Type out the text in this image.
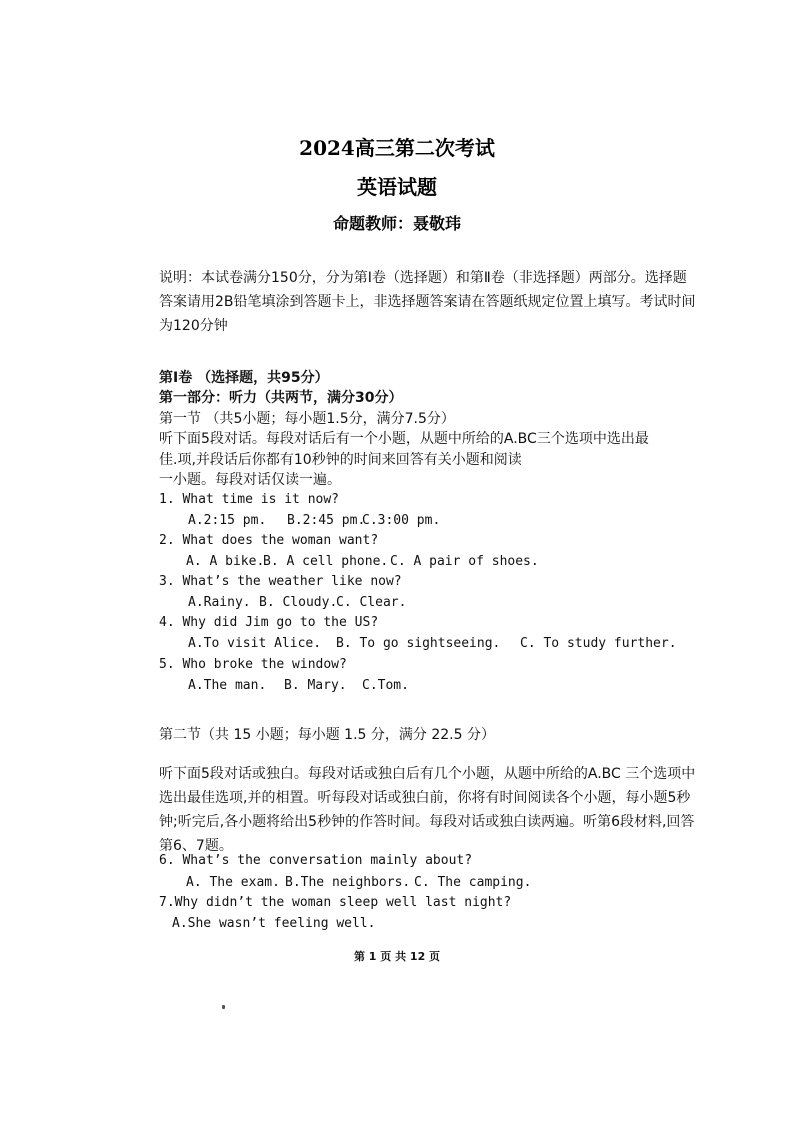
2024高三第二次考试
英语试题
命题教师：聂敬玮
说明：本试卷满分150分，分为第Ⅰ卷（选择题）和第Ⅱ卷（非选择题）两部分。选择题答案请用2B铅笔填涂到答题卡上，非选择题答案请在答题纸规定位置上填写。考试时间为120分钟
第Ⅰ卷 （选择题，共95分）
第一部分：听力（共两节，满分30分）
第一节 （共5小题；每小题1.5分，满分7.5分）
听下面5段对话。每段对话后有一个小题，从题中所给的A.BC三个选项中选出最
佳.项,并段话后你都有10秒钟的时间来回答有关小题和阅读
一小题。每段对话仅读一遍。
1. What time is it now?
A.2:15 pm. B.2:45 pm.
C.3:00 pm.
2. What does the woman want?
A. A bike.
B. A cell phone. C. A pair of shoes.
3. What’s the weather like now?
A.Rainy. B. Cloudy.
C. Clear.
4. Why did Jim go to the US?
A.To visit Alice. B. To go sightseeing. C. To study further.
5. Who broke the window?
A.The man. B. Mary. C.Tom.
第二节（共 15 小题；每小题 1.5 分，满分 22.5 分）
听下面5段对话或独白。每段对话或独白后有几个小题，从题中所给的A.BC 三个选项中选出最佳选项,并的相置。听每段对话或独白前，你将有时间阅读各个小题，每小题5秒钟;听完后,各小题将给出5秒钟的作答时间。每段对话或独白读两遍。听第6段材料,回答第6、7题。
6. What’s the conversation mainly about?
A. The exam. B.The neighbors. C. The camping.
7.Why didn’t the woman sleep well last night?
A.She wasn’t feeling well.
第 1 页 共 12 页
